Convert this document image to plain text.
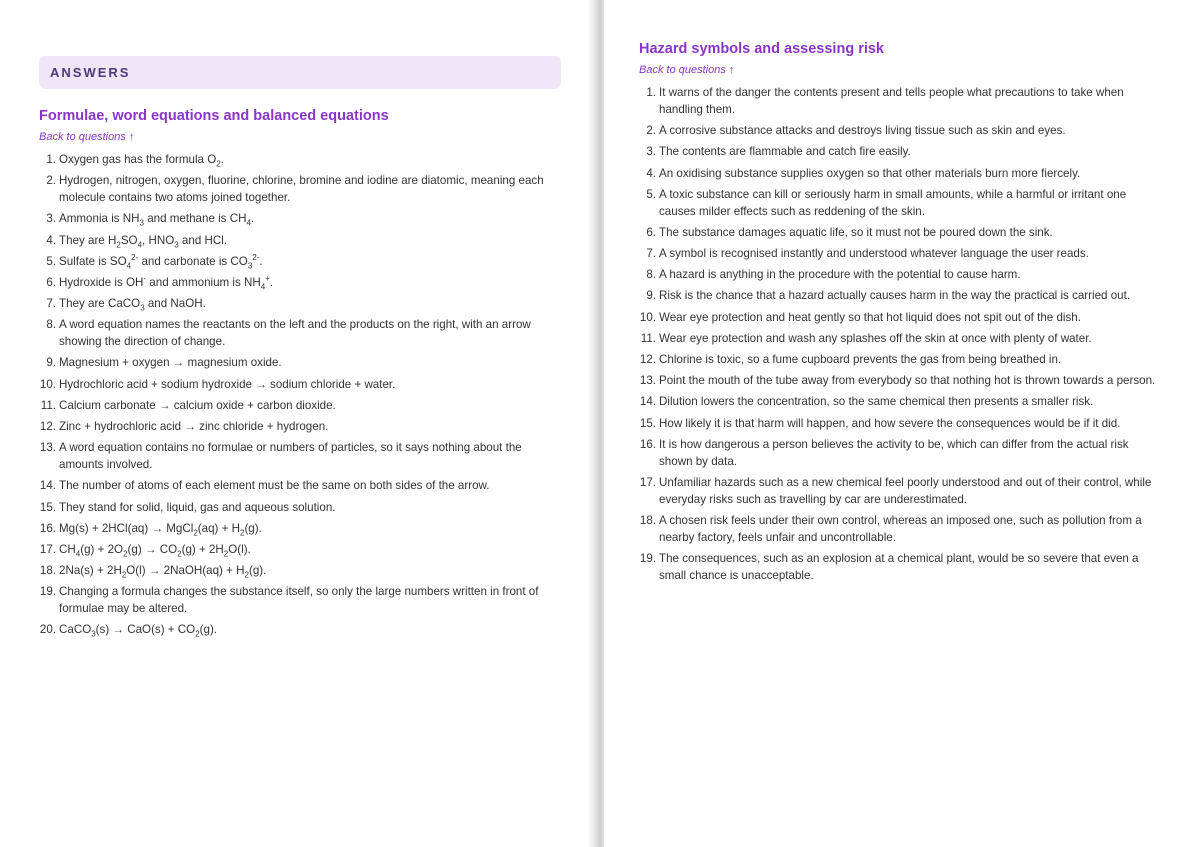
ANSWERS
Formulae, word equations and balanced equations
Back to questions ↑
1. Oxygen gas has the formula $O_2$.
2. Hydrogen, nitrogen, oxygen, fluorine, chlorine, bromine and iodine are diatomic, meaning each molecule contains two atoms joined together.
3. Ammonia is $NH_3$ and methane is $CH_4$.
4. They are $H_2SO_4$, $HNO_3$ and HCl.
5. Sulfate is $SO_4^{2-}$ and carbonate is $CO_3^{2-}$.
6. Hydroxide is OH- and ammonium is $NH_4^+$.
7. They are CaCO$_3$ and NaOH.
8. A word equation names the reactants on the left and the products on the right, with an arrow showing the direction of change.
9. Magnesium + oxygen → magnesium oxide.
10. Hydrochloric acid + sodium hydroxide → sodium chloride + water.
11. Calcium carbonate → calcium oxide + carbon dioxide.
12. Zinc + hydrochloric acid → zinc chloride + hydrogen.
13. A word equation contains no formulae or numbers of particles, so it says nothing about the amounts involved.
14. The number of atoms of each element must be the same on both sides of the arrow.
15. They stand for solid, liquid, gas and aqueous solution.
16. Mg(s) + 2HCl(aq) → MgCl$_2$(aq) + $H_2(g)$.
17. $CH_4(g) + 2O_2(g) \to CO_2(g) + 2H_2O(l)$.
18. $2Na(s) + 2H_2O(l)$ → 2NaOH(aq) + $H_2(g)$.
19. Changing a formula changes the substance itself, so only the large numbers written in front of formulae may be altered.
20. CaCO$_3$(s) → $CaO(s) + CO_2(g)$.
Hazard symbols and assessing risk
Back to questions ↑
1. It warns of the danger the contents present and tells people what precautions to take when handling them.
2. A corrosive substance attacks and destroys living tissue such as skin and eyes.
3. The contents are flammable and catch fire easily.
4. An oxidising substance supplies oxygen so that other materials burn more fiercely.
5. A toxic substance can kill or seriously harm in small amounts, while a harmful or irritant one causes milder effects such as reddening of the skin.
6. The substance damages aquatic life, so it must not be poured down the sink.
7. A symbol is recognised instantly and understood whatever language the user reads.
8. A hazard is anything in the procedure with the potential to cause harm.
9. Risk is the chance that a hazard actually causes harm in the way the practical is carried out.
10. Wear eye protection and heat gently so that hot liquid does not spit out of the dish.
11. Wear eye protection and wash any splashes off the skin at once with plenty of water.
12. Chlorine is toxic, so a fume cupboard prevents the gas from being breathed in.
13. Point the mouth of the tube away from everybody so that nothing hot is thrown towards a person.
14. Dilution lowers the concentration, so the same chemical then presents a smaller risk.
15. How likely it is that harm will happen, and how severe the consequences would be if it did.
16. It is how dangerous a person believes the activity to be, which can differ from the actual risk shown by data.
17. Unfamiliar hazards such as a new chemical feel poorly understood and out of their control, while everyday risks such as travelling by car are underestimated.
18. A chosen risk feels under their own control, whereas an imposed one, such as pollution from a nearby factory, feels unfair and uncontrollable.
19. The consequences, such as an explosion at a chemical plant, would be so severe that even a small chance is unacceptable.
